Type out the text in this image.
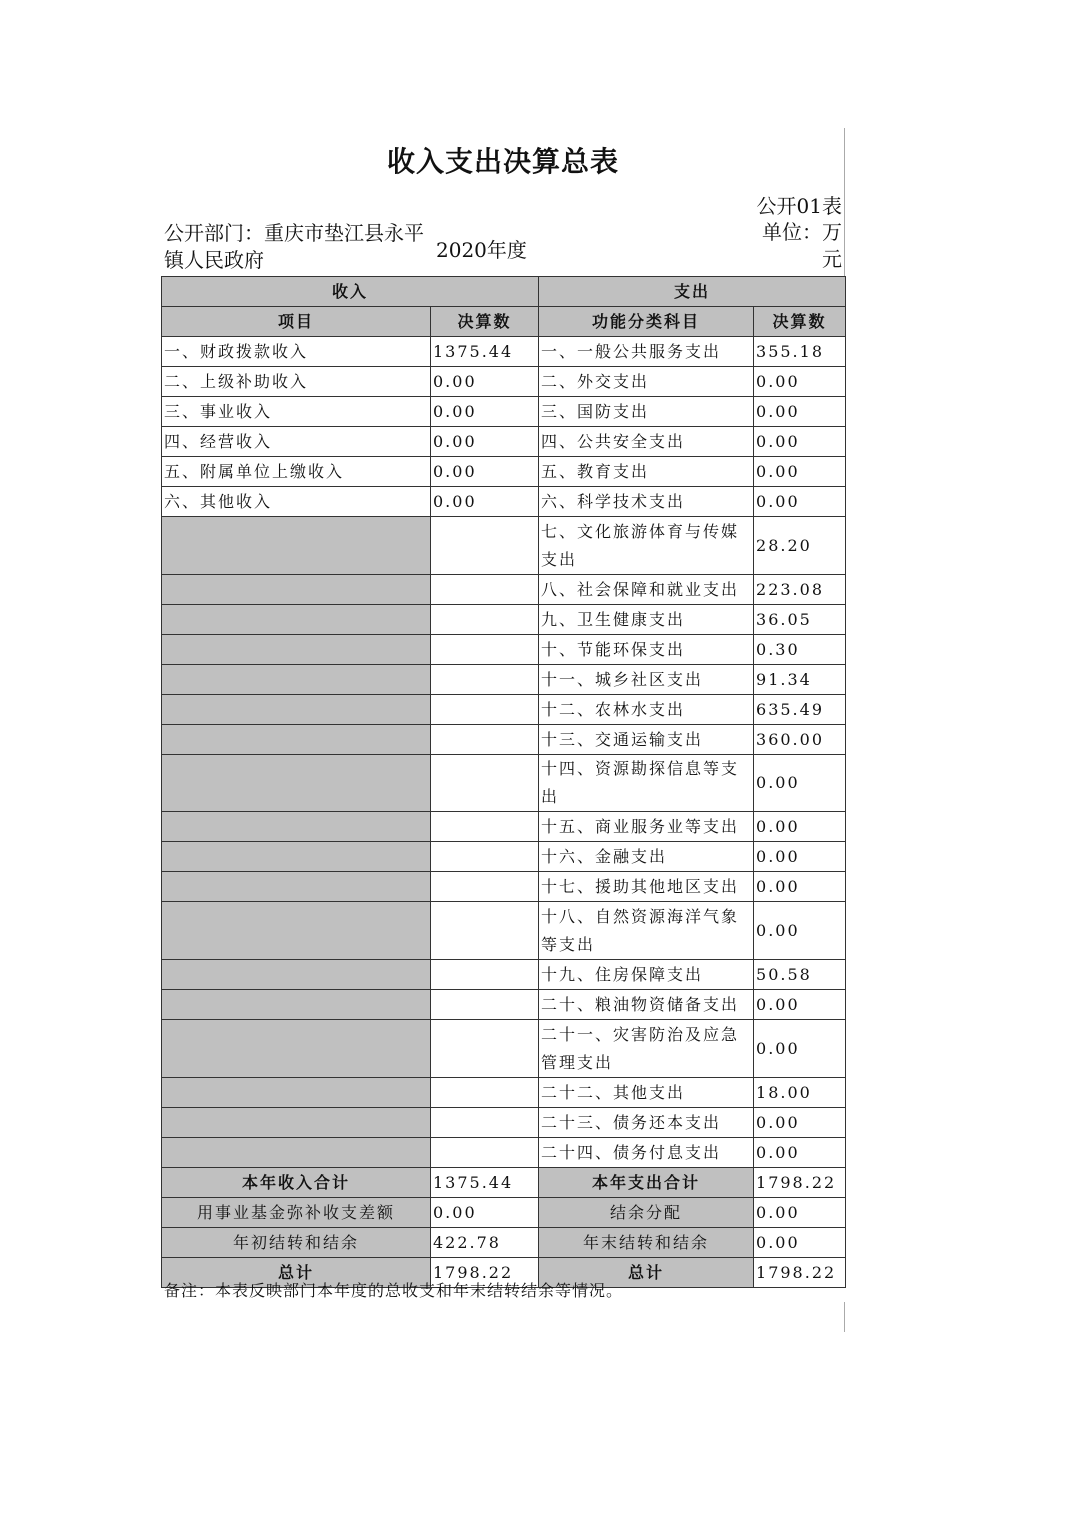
收入支出决算总表
公开01表
公开部门：重庆市垫江县永平镇人民政府	2020年度
单位：万元
收入		支出	
项目	决算数	功能分类科目	决算数
一、财政拨款收入	1375.44	一、一般公共服务支出	355.18
二、上级补助收入	0.00	二、外交支出	0.00
三、事业收入	0.00	三、国防支出	0.00
四、经营收入	0.00	四、公共安全支出	0.00
五、附属单位上缴收入	0.00	五、教育支出	0.00
六、其他收入	0.00	六、科学技术支出	0.00
		七、文化旅游体育与传媒支出	28.20
		八、社会保障和就业支出	223.08
		九、卫生健康支出	36.05
		十、节能环保支出	0.30
		十一、城乡社区支出	91.34
		十二、农林水支出	635.49
		十三、交通运输支出	360.00
		十四、资源勘探信息等支出	0.00
		十五、商业服务业等支出	0.00
		十六、金融支出	0.00
		十七、援助其他地区支出	0.00
		十八、自然资源海洋气象等支出	0.00
		十九、住房保障支出	50.58
		二十、粮油物资储备支出	0.00
		二十一、灾害防治及应急管理支出	0.00
		二十二、其他支出	18.00
		二十三、债务还本支出	0.00
		二十四、债务付息支出	0.00
本年收入合计	1375.44	本年支出合计	1798.22
用事业基金弥补收支差额	0.00	结余分配	0.00
年初结转和结余	422.78	年末结转和结余	0.00
总计	1798.22	总计	1798.22
备注：本表反映部门本年度的总收支和年末结转结余等情况。
